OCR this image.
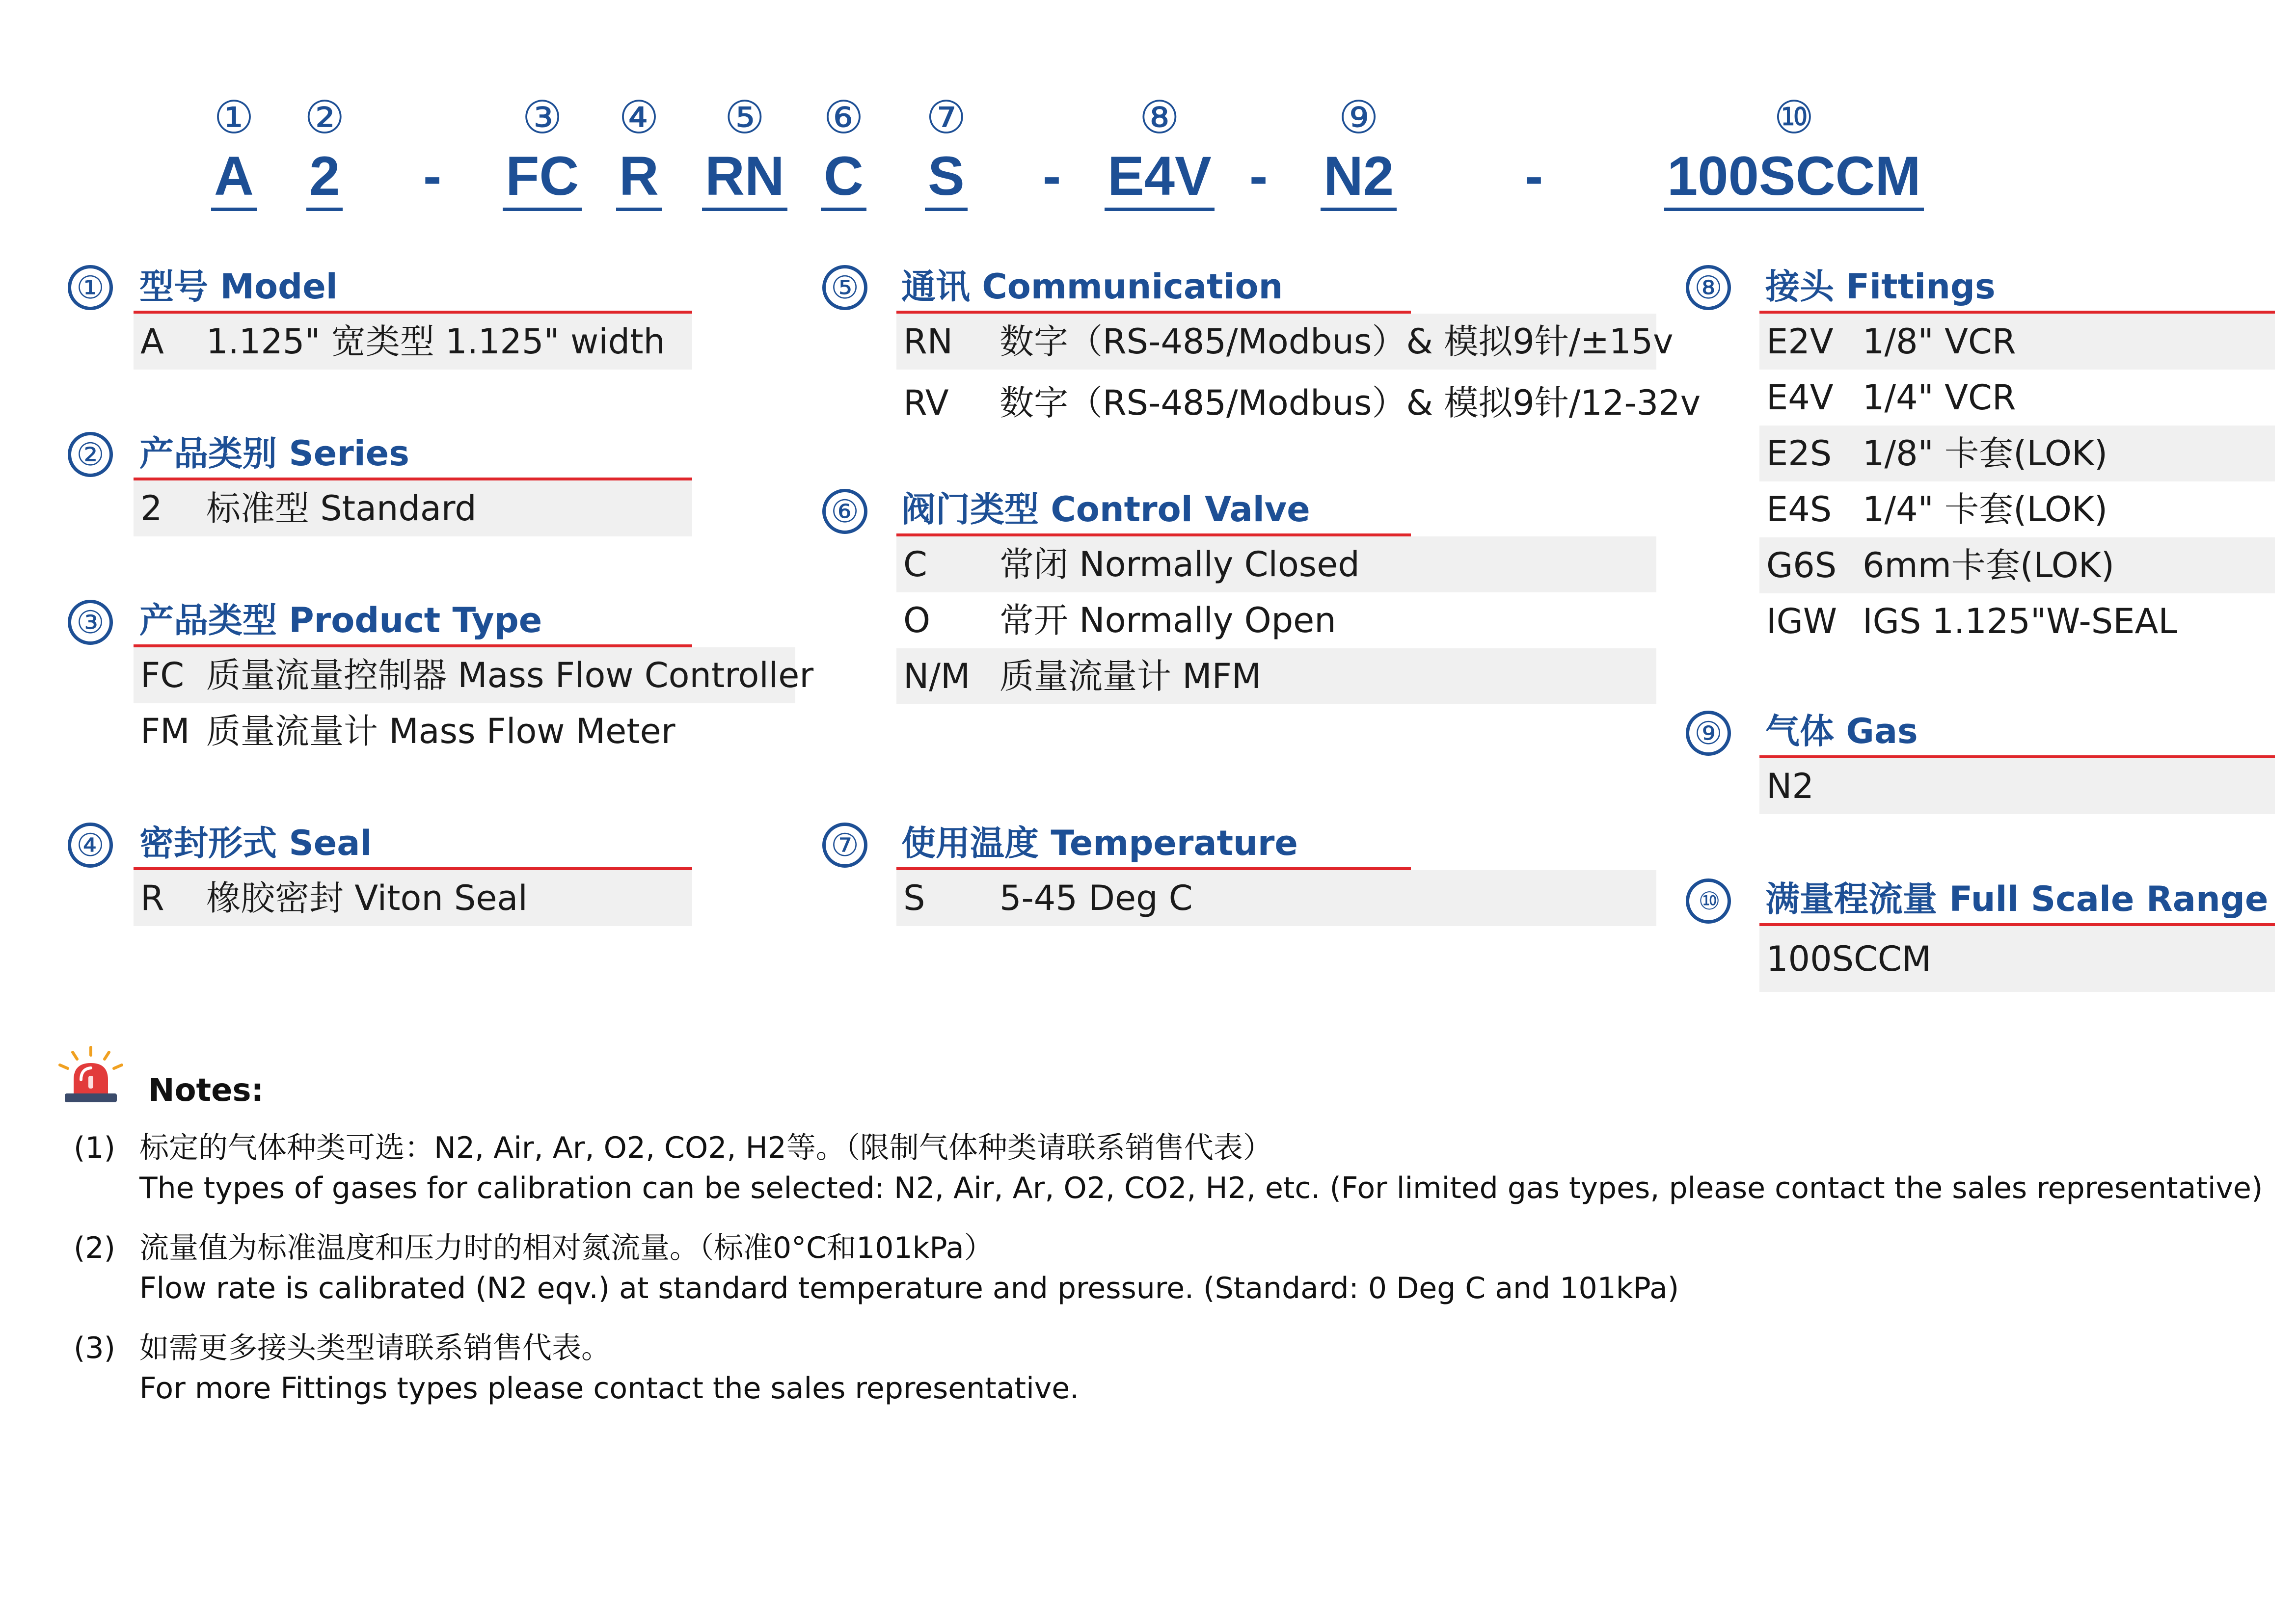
①
A
②
2 -
③
FC
④
R
⑤
RN
⑥
C
⑦
S -
⑧
E4V -
⑨
N2 -
⑩
100SCCM
① 型号 Model
A 1.125" 宽类型 1.125" width
② 产品类别 Series
2 标准型 Standard
③ 产品类型 Product Type
FC 质量流量控制器 Mass Flow Controller
FM 质量流量计 Mass Flow Meter
④ 密封形式 Seal
R 橡胶密封 Viton Seal
⑤ 通讯 Communication
RN 数字（RS-485/Modbus）& 模拟9针/±15v
RV 数字（RS-485/Modbus）& 模拟9针/12-32v
⑥ 阀门类型 Control Valve
C 常闭 Normally Closed
O 常开 Normally Open
N/M 质量流量计 MFM
⑦ 使用温度 Temperature
S 5-45 Deg C
⑧ 接头 Fittings
E2V 1/8" VCR
E4V 1/4" VCR
E2S 1/8" 卡套(LOK)
E4S 1/4" 卡套(LOK)
G6S 6mm卡套(LOK)
IGW IGS 1.125"W-SEAL
⑨ 气体 Gas
N2
⑩	满量程流量 Full Scale Range
100SCCM
Notes:
(1) 标定的气体种类可选：N2, Air, Ar, O2, CO2, H2等。（限制气体种类请联系销售代表）
The types of gases for calibration can be selected: N2, Air, Ar, O2, CO2, H2, etc. (For limited gas types, please contact the sales representative)
(2) 流量值为标准温度和压力时的相对氮流量。（标准0°C和101kPa）
Flow rate is calibrated (N2 eqv.) at standard temperature and pressure. (Standard: 0 Deg C and 101kPa)
(3) 如需更多接头类型请联系销售代表。
For more Fittings types please contact the sales representative.
